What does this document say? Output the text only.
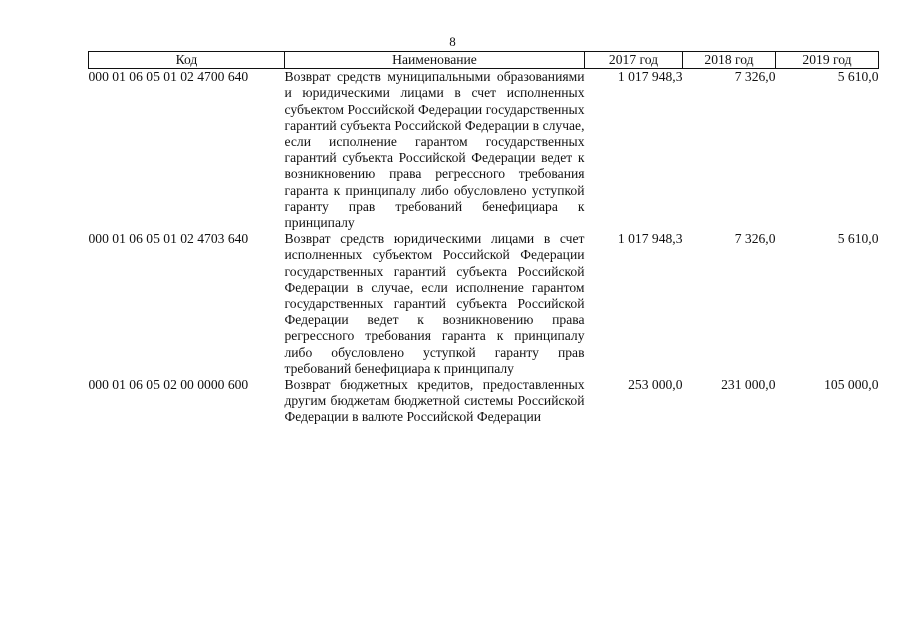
8
Код	Наименование	2017 год	2018 год	2019 год
000 01 06 05 01 02 4700 640	Возврат средств муниципальными образованиями и юридическими лицами в счет исполненных субъектом Российской Федерации государственных гарантий субъекта Российской Федерации в случае, если исполнение гарантом государственных гарантий субъекта Российской Федерации ведет к возникновению права регрессного требования гаранта к принципалу либо обусловлено уступкой гаранту прав требований бенефициара к принципалу	1 017 948,3	7 326,0	5 610,0
000 01 06 05 01 02 4703 640	Возврат средств юридическими лицами в счет исполненных субъектом Российской Федерации государственных гарантий субъекта Российской Федерации в случае, если исполнение гарантом государственных гарантий субъекта Российской Федерации ведет к возникновению права регрессного требования гаранта к принципалу либо обусловлено уступкой гаранту прав требований бенефициара к принципалу	1 017 948,3	7 326,0	5 610,0
000 01 06 05 02 00 0000 600	Возврат бюджетных кредитов, предоставленных другим бюджетам бюджетной системы Российской Федерации в валюте Российской Федерации	253 000,0	231 000,0	105 000,0
